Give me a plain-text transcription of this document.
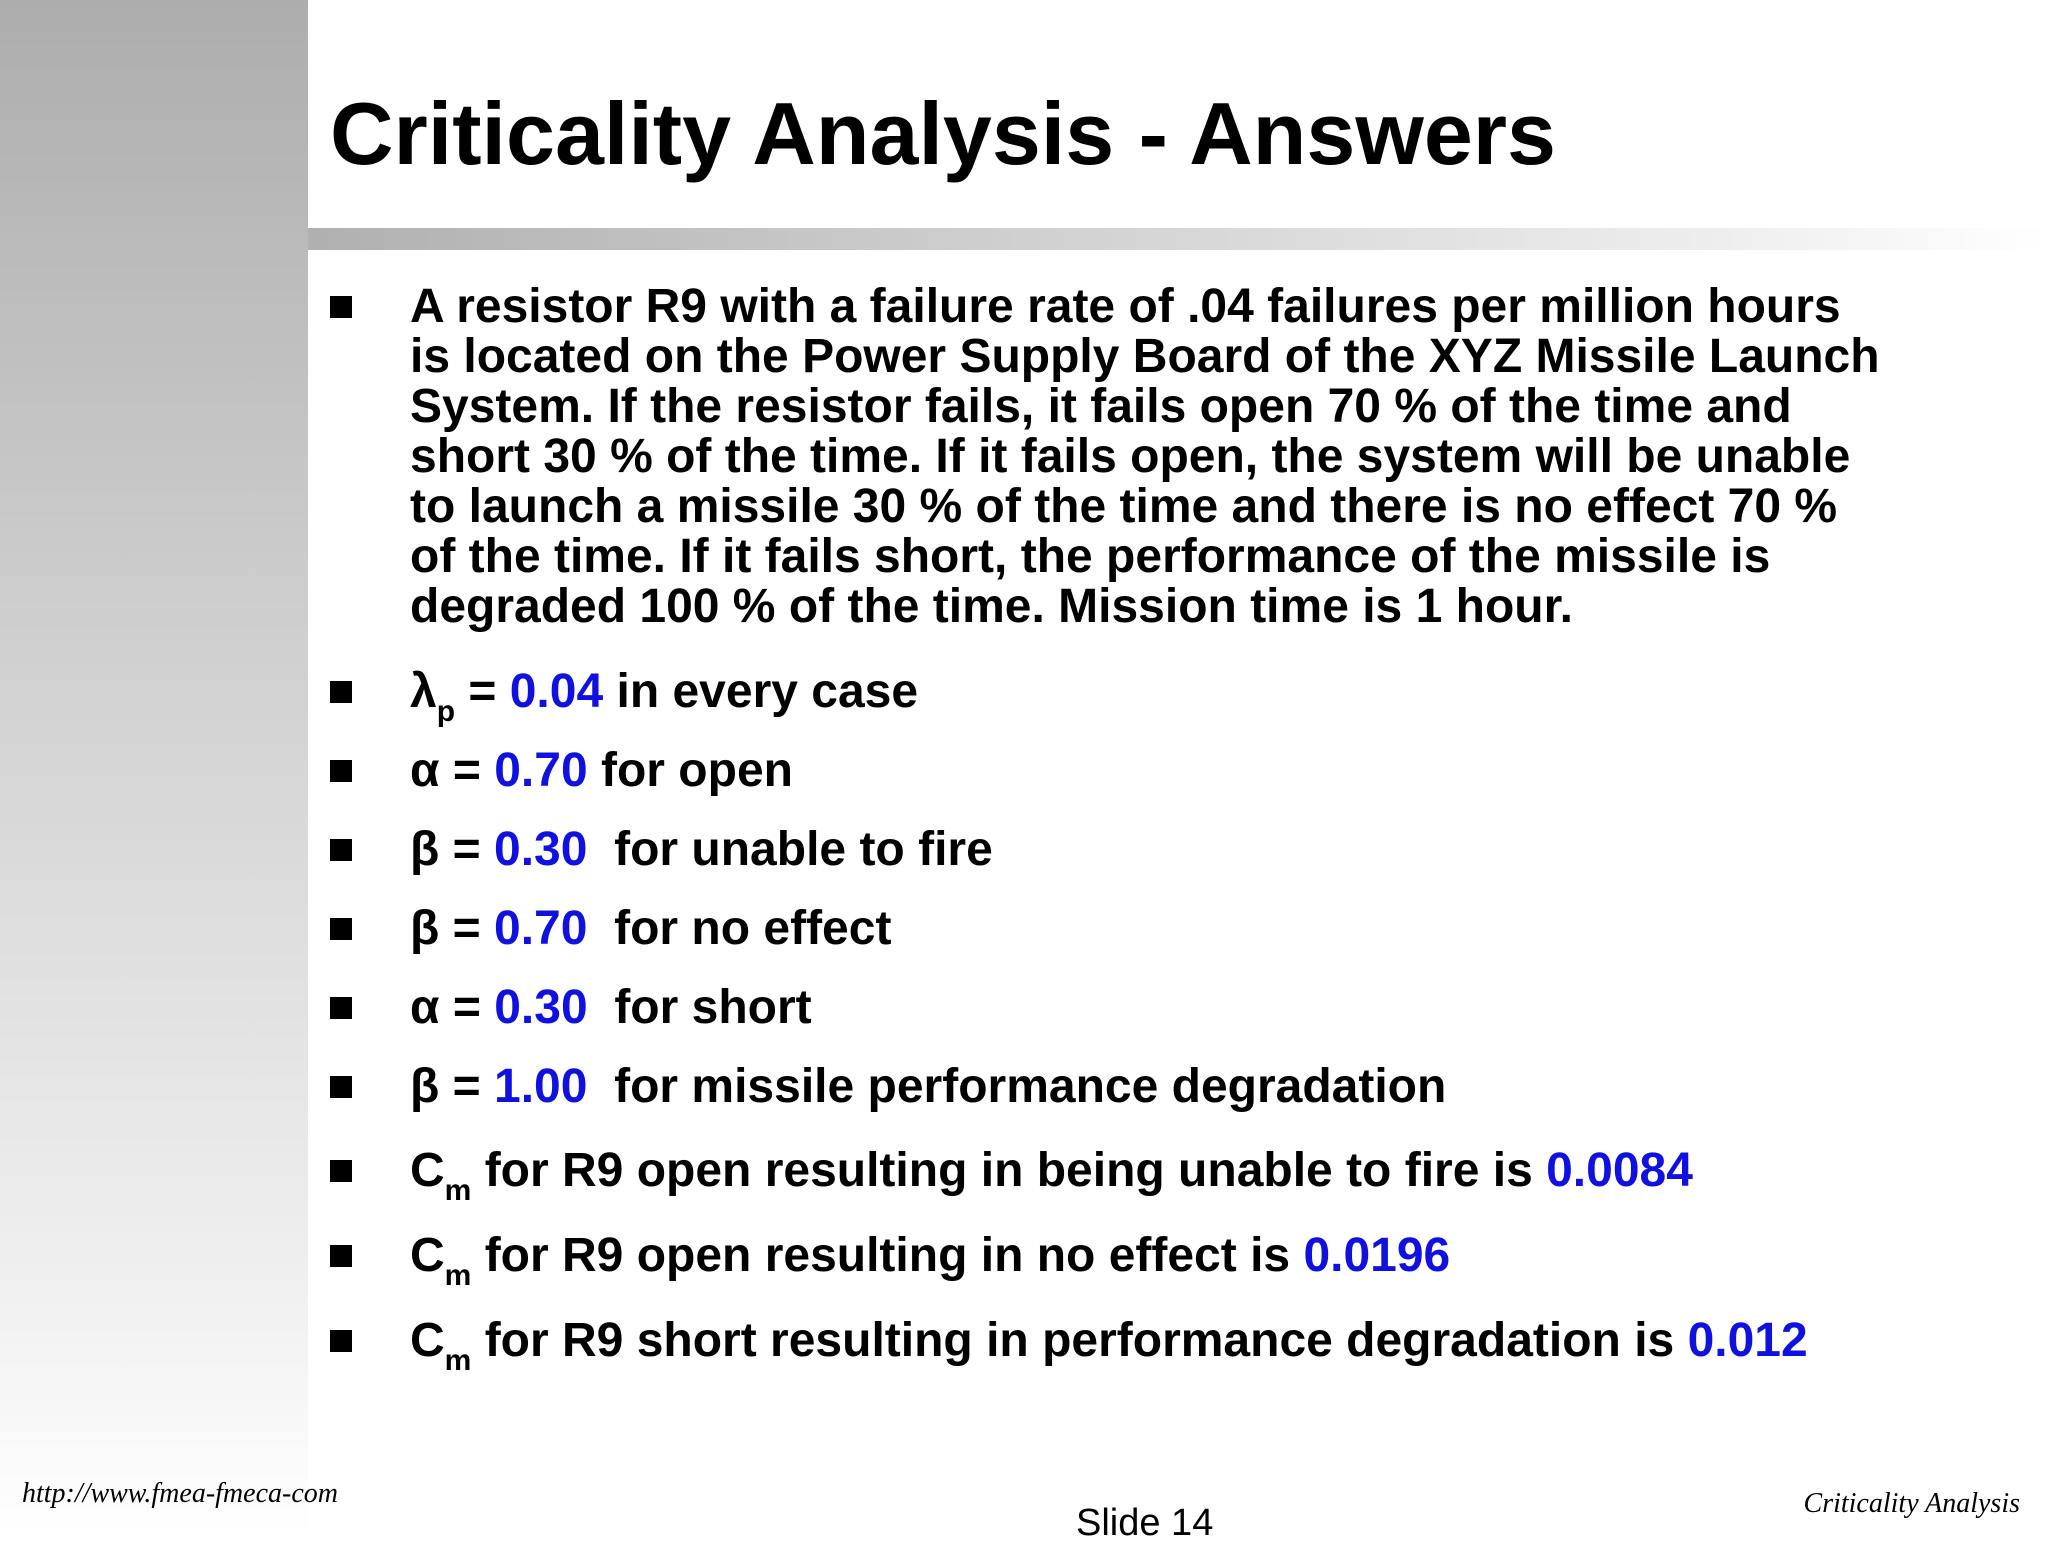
Criticality Analysis - Answers
A resistor R9 with a failure rate of .04 failures per million hours
is located on the Power Supply Board of the XYZ Missile Launch
System. If the resistor fails, it fails open 70 % of the time and
short 30 % of the time. If it fails open, the system will be unable
to launch a missile 30 % of the time and there is no effect 70 %
of the time. If it fails short, the performance of the missile is
degraded 100 % of the time. Mission time is 1 hour.
$\lambda_p = 0.04$ in every case
α = 0.70 for open
β = 0.30  for unable to fire
β = 0.70  for no effect
α = 0.30  for short
β = 1.00  for missile performance degradation
$C_m$ for R9 open resulting in being unable to fire is 0.0084
$C_m$ for R9 open resulting in no effect is 0.0196
$C_m$ for R9 short resulting in performance degradation is 0.012
http://www.fmea-fmeca-com
Slide 14	Criticality Analysis
